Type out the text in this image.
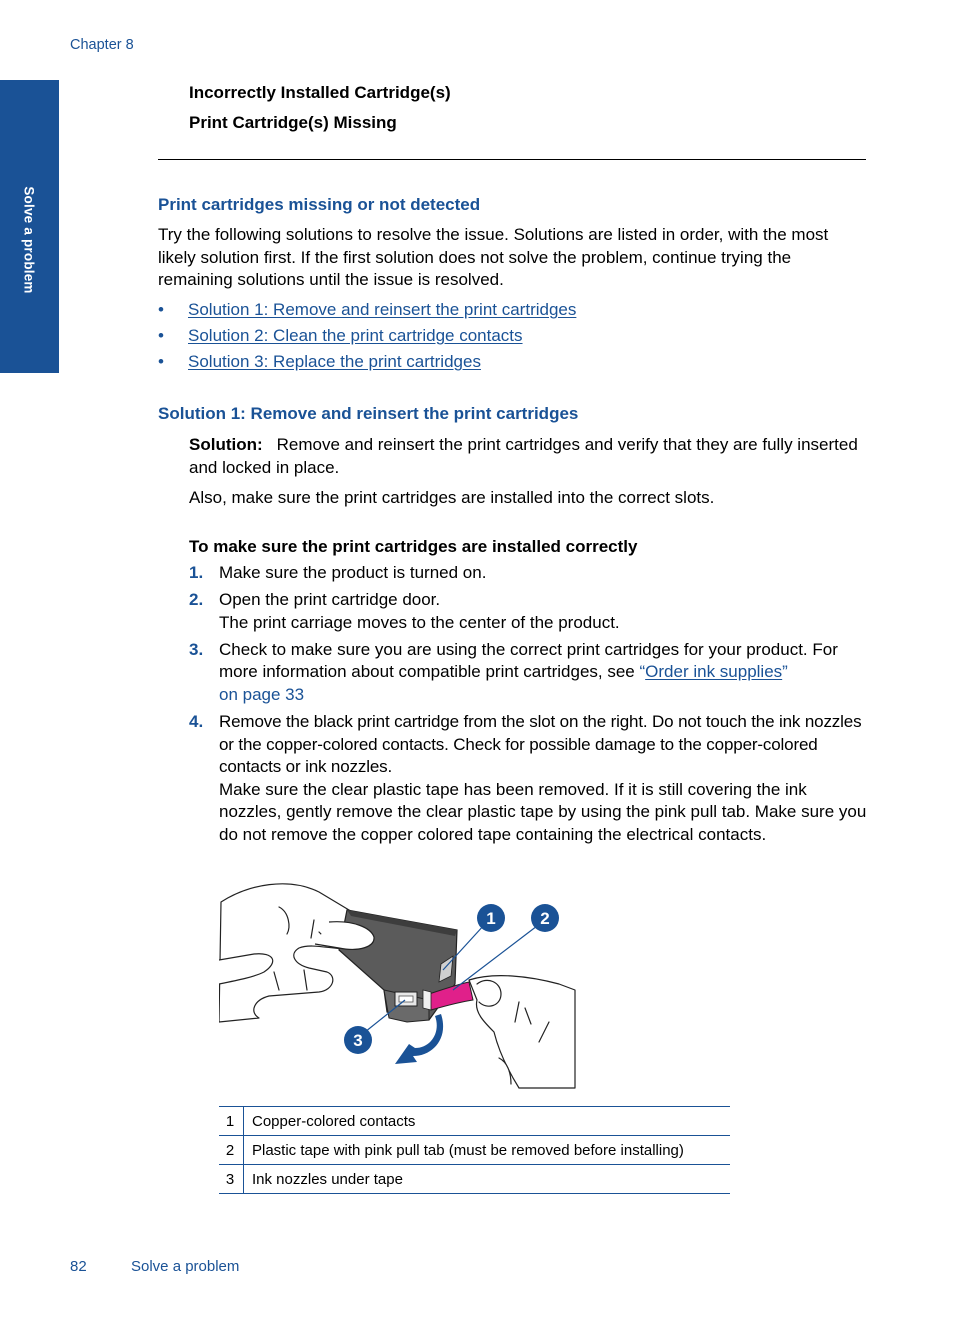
Chapter 8
Solve a problem
Incorrectly Installed Cartridge(s)
Print Cartridge(s) Missing
Print cartridges missing or not detected
Try the following solutions to resolve the issue. Solutions are listed in order, with the most likely solution first. If the first solution does not solve the problem, continue trying the remaining solutions until the issue is resolved.
• Solution 1: Remove and reinsert the print cartridges
• Solution 2: Clean the print cartridge contacts
• Solution 3: Replace the print cartridges
Solution 1: Remove and reinsert the print cartridges
Solution: Remove and reinsert the print cartridges and verify that they are fully inserted and locked in place.
Also, make sure the print cartridges are installed into the correct slots.
To make sure the print cartridges are installed correctly
1. Make sure the product is turned on.
2. Open the print cartridge door.
The print carriage moves to the center of the product.
3. Check to make sure you are using the correct print cartridges for your product. For more information about compatible print cartridges, see “Order ink supplies”
on page 33
4. Remove the black print cartridge from the slot on the right. Do not touch the ink nozzles or the copper-colored contacts. Check for possible damage to the copper-colored contacts or ink nozzles.
Make sure the clear plastic tape has been removed. If it is still covering the ink nozzles, gently remove the clear plastic tape by using the pink pull tab. Make sure you do not remove the copper colored tape containing the electrical contacts.
1	2
3
1	Copper-colored contacts
2	Plastic tape with pink pull tab (must be removed before installing)
3	Ink nozzles under tape
82	Solve a problem
